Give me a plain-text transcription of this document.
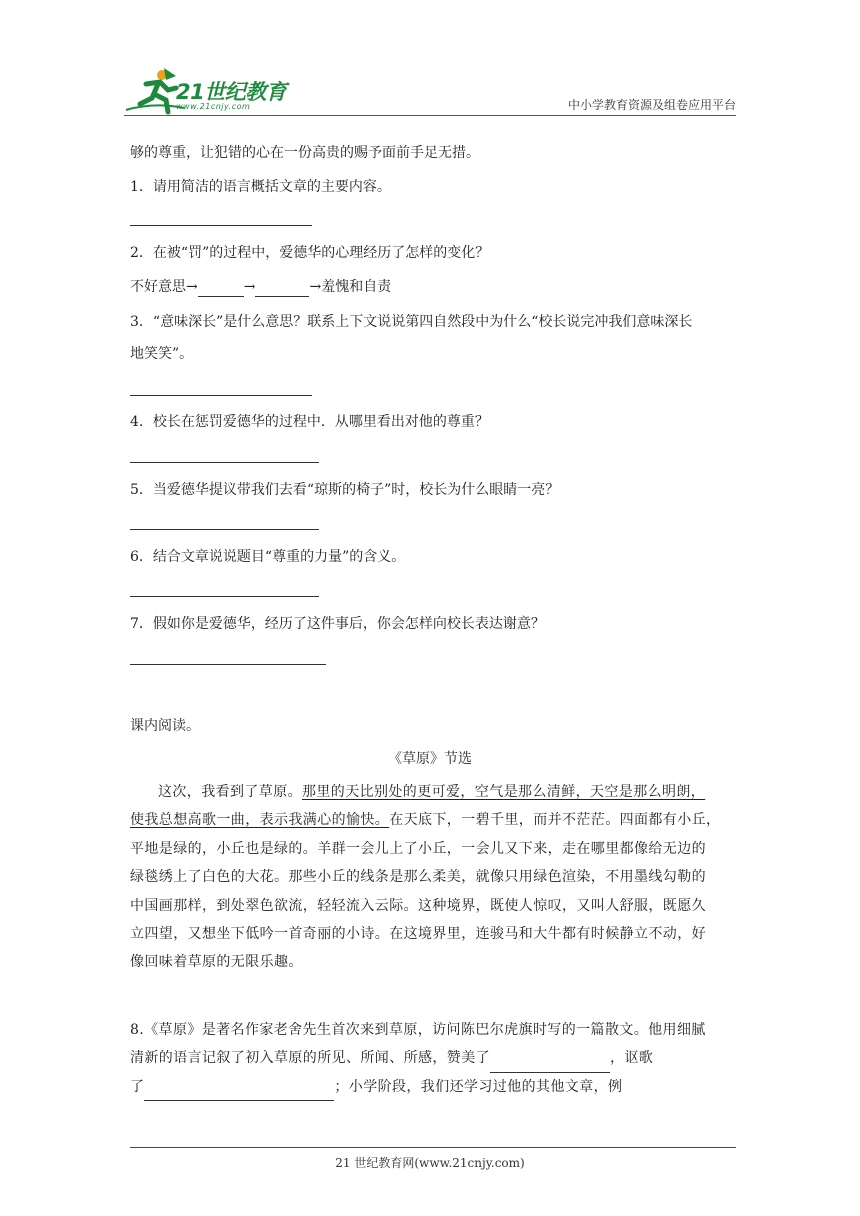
21世纪教育
www.21cnjy.com	中小学教育资源及组卷应用平台
够的尊重，让犯错的心在一份高贵的赐予面前手足无措。
1．请用简洁的语言概括文章的主要内容。
2．在被“罚”的过程中，爱德华的心理经历了怎样的变化？
不好意思→	→	→羞愧和自责
3．“意味深长”是什么意思？联系上下文说说第四自然段中为什么“校长说完冲我们意味深长
地笑笑”。
4．校长在惩罚爱德华的过程中．从哪里看出对他的尊重？
5．当爱德华提议带我们去看“琼斯的椅子”时，校长为什么眼睛一亮？
6．结合文章说说题目“尊重的力量”的含义。
7．假如你是爱德华，经历了这件事后，你会怎样向校长表达谢意？
课内阅读。
《草原》节选
这次，我看到了草原。那里的天比别处的更可爱，空气是那么清鲜，天空是那么明朗，
使我总想高歌一曲，表示我满心的愉快。在天底下，一碧千里，而并不茫茫。四面都有小丘，
平地是绿的，小丘也是绿的。羊群一会儿上了小丘，一会儿又下来，走在哪里都像给无边的
绿毯绣上了白色的大花。那些小丘的线条是那么柔美，就像只用绿色渲染，不用墨线勾勒的
中国画那样，到处翠色欲流，轻轻流入云际。这种境界，既使人惊叹，又叫人舒服，既愿久
立四望，又想坐下低吟一首奇丽的小诗。在这境界里，连骏马和大牛都有时候静立不动，好
像回味着草原的无限乐趣。
8.《草原》是著名作家老舍先生首次来到草原，访问陈巴尔虎旗时写的一篇散文。他用细腻
清新的语言记叙了初入草原的所见、所闻、所感，赞美了	，讴歌
了	；小学阶段，我们还学习过他的其他文章，例
21 世纪教育网(www.21cnjy.com)
